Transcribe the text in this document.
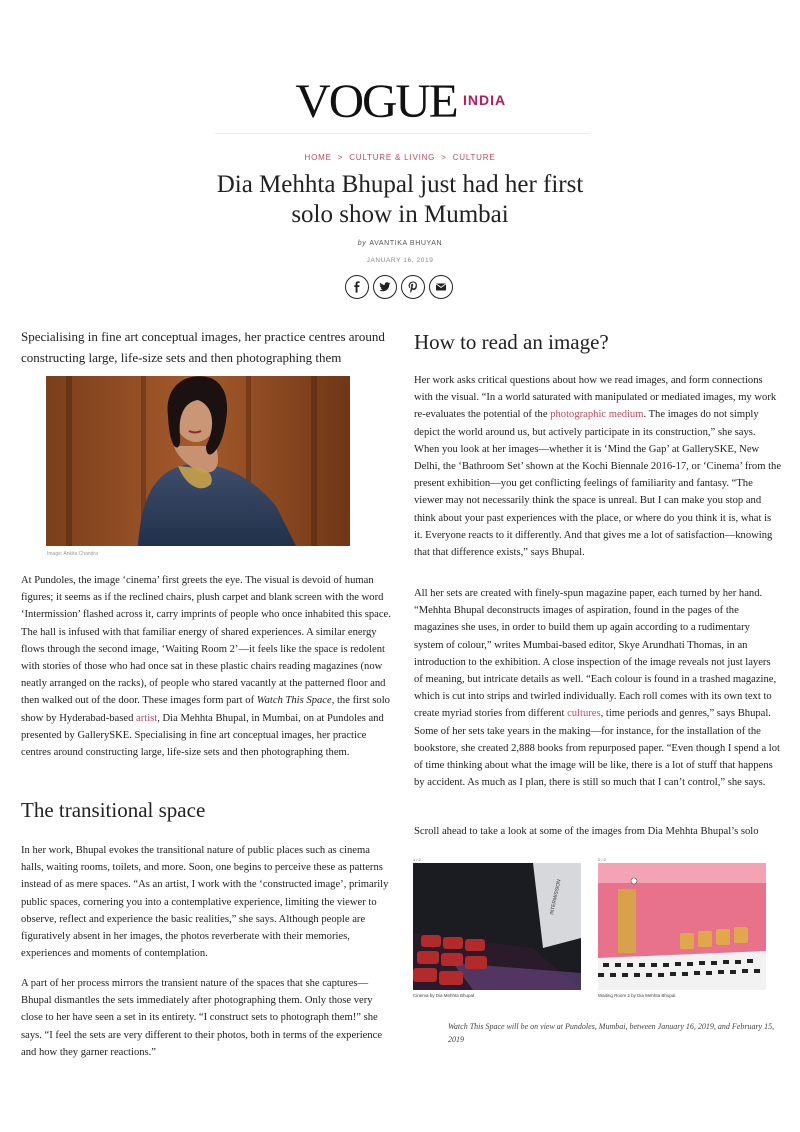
VOGUE INDIA
HOME > CULTURE & LIVING > CULTURE
Dia Mehhta Bhupal just had her first solo show in Mumbai
by AVANTIKA BHUYAN
JANUARY 16, 2019

Specialising in fine art conceptual images, her practice centres around constructing large, life-size sets and then photographing them

Image: Ankita Chandra
At Pundoles, the image ‘cinema’ first greets the eye. The visual is devoid of human figures; it seems as if the reclined chairs, plush carpet and blank screen with the word ‘Intermission’ flashed across it, carry imprints of people who once inhabited this space. The hall is infused with that familiar energy of shared experiences. A similar energy flows through the second image, ‘Waiting Room 2’—it feels like the space is redolent with stories of those who had once sat in these plastic chairs reading magazines (now neatly arranged on the racks), of people who stared vacantly at the patterned floor and then walked out of the door. These images form part of Watch This Space, the first solo show by Hyderabad-based artist, Dia Mehhta Bhupal, in Mumbai, on at Pundoles and presented by GallerySKE. Specialising in fine art conceptual images, her practice centres around constructing large, life-size sets and then photographing them.
The transitional space

In her work, Bhupal evokes the transitional nature of public places such as cinema halls, waiting rooms, toilets, and more. Soon, one begins to perceive these as patterns instead of as mere spaces. “As an artist, I work with the ‘constructed image’, primarily public spaces, cornering you into a contemplative experience, limiting the viewer to observe, reflect and experience the basic realities,” she says. Although people are figuratively absent in her images, the photos reverberate with their memories, experiences and moments of contemplation.

A part of her process mirrors the transient nature of the spaces that she captures—Bhupal dismantles the sets immediately after photographing them. Only those very close to her have seen a set in its entirety. “I construct sets to photograph them!” she says. “I feel the sets are very different to their photos, both in terms of the experience and how they garner reactions.”

How to read an image?
Her work asks critical questions about how we read images, and form connections with the visual. “In a world saturated with manipulated or mediated images, my work re-evaluates the potential of the photographic medium. The images do not simply depict the world around us, but actively participate in its construction,” she says. When you look at her images—whether it is ‘Mind the Gap’ at GallerySKE, New Delhi, the ‘Bathroom Set’ shown at the Kochi Biennale 2016-17, or ‘Cinema’ from the present exhibition—you get conflicting feelings of familiarity and fantasy. “The viewer may not necessarily think the space is unreal. But I can make you stop and think about your past experiences with the place, or where do you think it is, what is it. Everyone reacts to it differently. And that gives me a lot of satisfaction—knowing that that difference exists,” says Bhupal.
All her sets are created with finely-spun magazine paper, each turned by her hand. “Mehhta Bhupal deconstructs images of aspiration, found in the pages of the magazines she uses, in order to build them up again according to a rudimentary system of colour,” writes Mumbai-based editor, Skye Arundhati Thomas, in an introduction to the exhibition. A close inspection of the image reveals not just layers of meaning, but intricate details as well. “Each colour is found in a trashed magazine, which is cut into strips and twirled individually. Each roll comes with its own text to create myriad stories from different cultures, time periods and genres,” says Bhupal. Some of her sets take years in the making—for instance, for the installation of the bookstore, she created 2,888 books from repurposed paper. “Even though I spend a lot of time thinking about what the image will be like, there is a lot of stuff that happens by accident. As much as I plan, there is still so much that I can’t control,” she says.

Scroll ahead to take a look at some of the images from Dia Mehhta Bhupal’s solo

1 / 2
INTERMISSION
Cinema by Dia Mehhta Bhupal
2 / 2
Waiting Room 2 by Dia Mehhta Bhupal
Watch This Space will be on view at Pundoles, Mumbai, between January 16, 2019, and February 15, 2019
